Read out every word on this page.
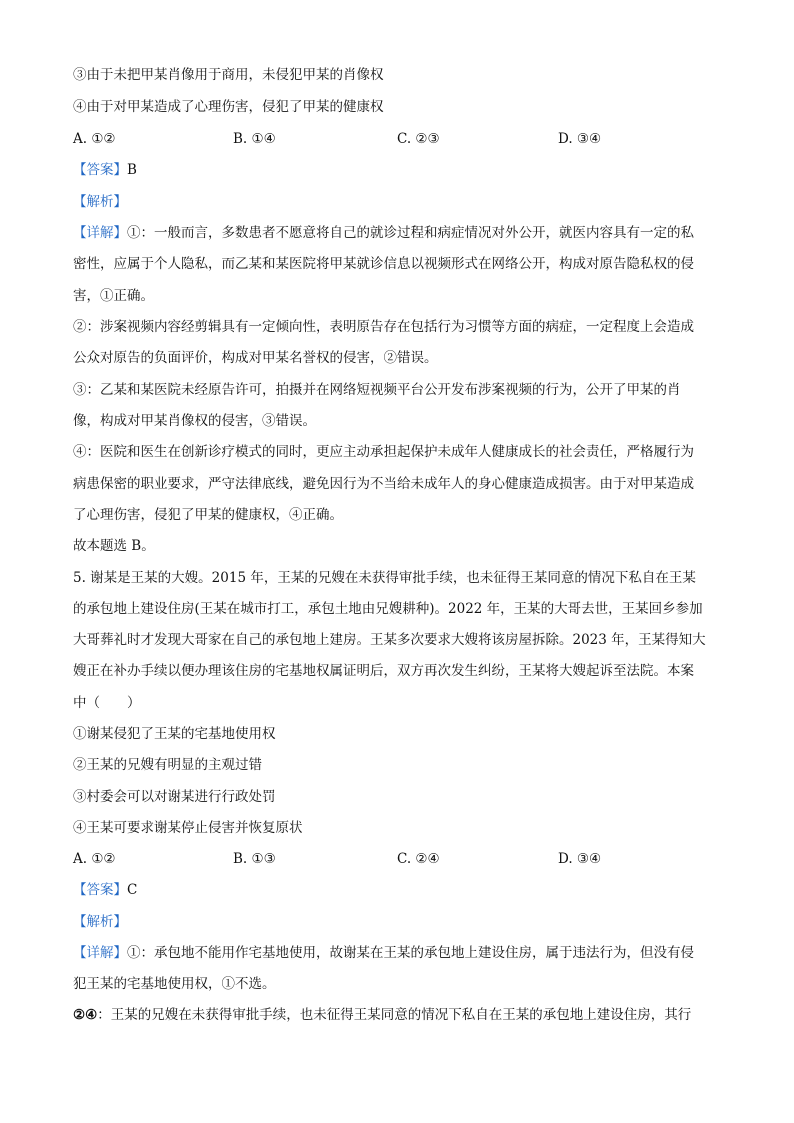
③由于未把甲某肖像用于商用，未侵犯甲某的肖像权
④由于对甲某造成了心理伤害，侵犯了甲某的健康权
A. ①②	B. ①④	C. ②③	D. ③④
【答案】B
【解析】
【详解】①：一般而言，多数患者不愿意将自己的就诊过程和病症情况对外公开，就医内容具有一定的私
密性，应属于个人隐私，而乙某和某医院将甲某就诊信息以视频形式在网络公开，构成对原告隐私权的侵
害，①正确。
②：涉案视频内容经剪辑具有一定倾向性，表明原告存在包括行为习惯等方面的病症，一定程度上会造成
公众对原告的负面评价，构成对甲某名誉权的侵害，②错误。
③：乙某和某医院未经原告许可，拍摄并在网络短视频平台公开发布涉案视频的行为，公开了甲某的肖
像，构成对甲某肖像权的侵害，③错误。
④：医院和医生在创新诊疗模式的同时，更应主动承担起保护未成年人健康成长的社会责任，严格履行为
病患保密的职业要求，严守法律底线，避免因行为不当给未成年人的身心健康造成损害。由于对甲某造成
了心理伤害，侵犯了甲某的健康权，④正确。
故本题选 B。
5. 谢某是王某的大嫂。2015 年，王某的兄嫂在未获得审批手续，也未征得王某同意的情况下私自在王某
的承包地上建设住房(王某在城市打工，承包土地由兄嫂耕种)。2022 年，王某的大哥去世，王某回乡参加
大哥葬礼时才发现大哥家在自己的承包地上建房。王某多次要求大嫂将该房屋拆除。2023 年，王某得知大
嫂正在补办手续以便办理该住房的宅基地权属证明后，双方再次发生纠纷，王某将大嫂起诉至法院。本案
中（　　）
①谢某侵犯了王某的宅基地使用权
②王某的兄嫂有明显的主观过错
③村委会可以对谢某进行行政处罚
④王某可要求谢某停止侵害并恢复原状
A. ①②	B. ①③	C. ②④	D. ③④
【答案】C
【解析】
【详解】①：承包地不能用作宅基地使用，故谢某在王某的承包地上建设住房，属于违法行为，但没有侵
犯王某的宅基地使用权，①不选。
②④：王某的兄嫂在未获得审批手续，也未征得王某同意的情况下私自在王某的承包地上建设住房，其行
